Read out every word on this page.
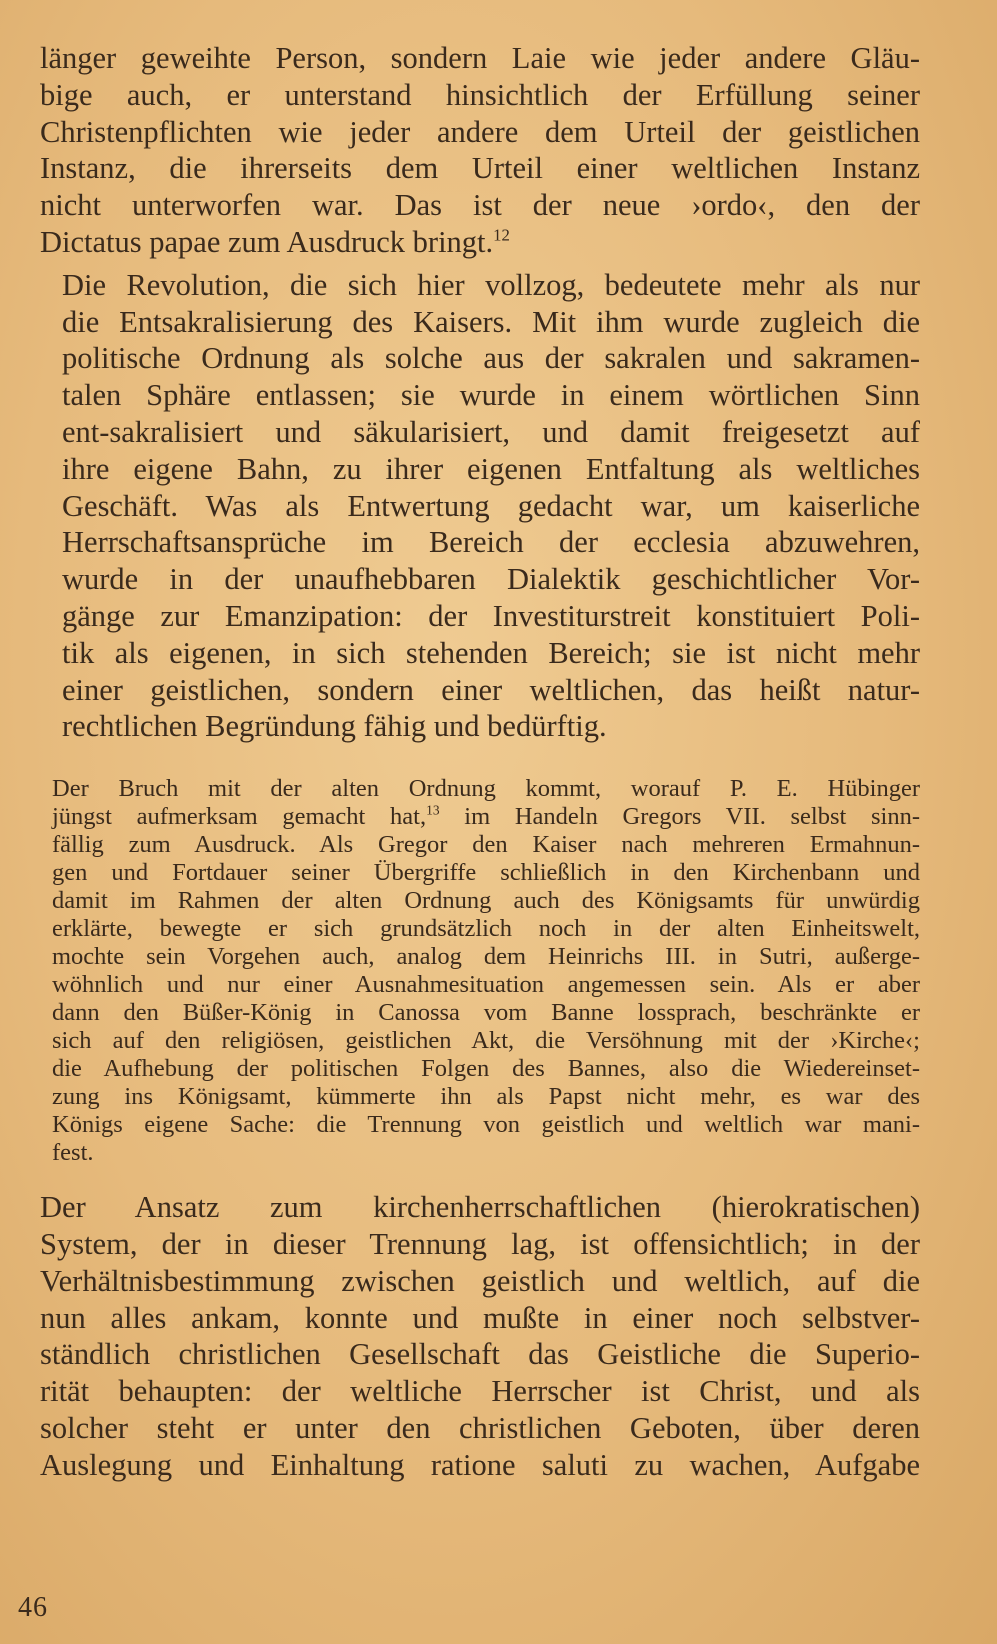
länger geweihte Person, sondern Laie wie jeder andere Gläu-
bige auch, er unterstand hinsichtlich der Erfüllung seiner
Christenpflichten wie jeder andere dem Urteil der geistlichen
Instanz, die ihrerseits dem Urteil einer weltlichen Instanz
nicht unterworfen war. Das ist der neue ›ordo‹, den der
Dictatus papae zum Ausdruck bringt.$^{12}$
Die Revolution, die sich hier vollzog, bedeutete mehr als nur
die Entsakralisierung des Kaisers. Mit ihm wurde zugleich die
politische Ordnung als solche aus der sakralen und sakramen-
talen Sphäre entlassen; sie wurde in einem wörtlichen Sinn
ent-sakralisiert und säkularisiert, und damit freigesetzt auf
ihre eigene Bahn, zu ihrer eigenen Entfaltung als weltliches
Geschäft. Was als Entwertung gedacht war, um kaiserliche
Herrschaftsansprüche im Bereich der ecclesia abzuwehren,
wurde in der unaufhebbaren Dialektik geschichtlicher Vor-
gänge zur Emanzipation: der Investiturstreit konstituiert Poli-
tik als eigenen, in sich stehenden Bereich; sie ist nicht mehr
einer geistlichen, sondern einer weltlichen, das heißt natur-
rechtlichen Begründung fähig und bedürftig.
Der Bruch mit der alten Ordnung kommt, worauf P. E. Hübinger
jüngst aufmerksam gemacht hat,$^{13}$ im Handeln Gregors VII. selbst sinn-
fällig zum Ausdruck. Als Gregor den Kaiser nach mehreren Ermahnun-
gen und Fortdauer seiner Übergriffe schließlich in den Kirchenbann und
damit im Rahmen der alten Ordnung auch des Königsamts für unwürdig
erklärte, bewegte er sich grundsätzlich noch in der alten Einheitswelt,
mochte sein Vorgehen auch, analog dem Heinrichs III. in Sutri, außerge-
wöhnlich und nur einer Ausnahmesituation angemessen sein. Als er aber
dann den Büßer-König in Canossa vom Banne lossprach, beschränkte er
sich auf den religiösen, geistlichen Akt, die Versöhnung mit der ›Kirche‹;
die Aufhebung der politischen Folgen des Bannes, also die Wiedereinset-
zung ins Königsamt, kümmerte ihn als Papst nicht mehr, es war des
Königs eigene Sache: die Trennung von geistlich und weltlich war mani-
fest.
Der Ansatz zum kirchenherrschaftlichen (hierokratischen)
System, der in dieser Trennung lag, ist offensichtlich; in der
Verhältnisbestimmung zwischen geistlich und weltlich, auf die
nun alles ankam, konnte und mußte in einer noch selbstver-
ständlich christlichen Gesellschaft das Geistliche die Superio-
rität behaupten: der weltliche Herrscher ist Christ, und als
solcher steht er unter den christlichen Geboten, über deren
Auslegung und Einhaltung ratione saluti zu wachen, Aufgabe
46
